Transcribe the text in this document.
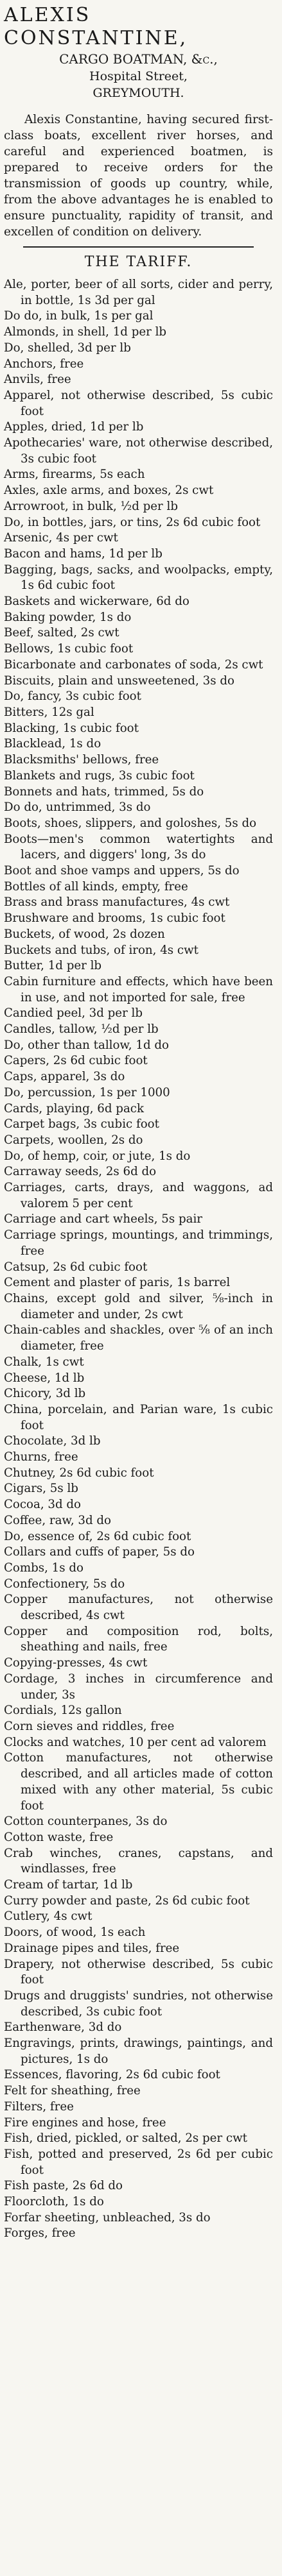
ALEXIS CONSTANTINE,

CARGO BOATMAN, &c.,

Hospital Street,

GREYMOUTH.

Alexis Constantine, having secured first-class boats, excellent river horses, and careful and experienced boatmen, is prepared to receive orders for the transmission of goods up country, while, from the above advantages he is enabled to ensure punctuality, rapidity of transit, and excellen of condition on delivery.

THE TARIFF.

Ale, porter, beer of all sorts, cider and perry, in bottle, 1s 3d per gal
Do do, in bulk, 1s per gal
Almonds, in shell, 1d per lb
Do, shelled, 3d per lb
Anchors, free
Anvils, free
Apparel, not otherwise described, 5s cubic foot
Apples, dried, 1d per lb
Apothecaries' ware, not otherwise described, 3s cubic foot
Arms, firearms, 5s each
Axles, axle arms, and boxes, 2s cwt
Arrowroot, in bulk, ½d per lb
Do, in bottles, jars, or tins, 2s 6d cubic foot
Arsenic, 4s per cwt
Bacon and hams, 1d per lb
Bagging, bags, sacks, and woolpacks, empty, 1s 6d cubic foot
Baskets and wickerware, 6d do
Baking powder, 1s do
Beef, salted, 2s cwt
Bellows, 1s cubic foot
Bicarbonate and carbonates of soda, 2s cwt
Biscuits, plain and unsweetened, 3s do
Do, fancy, 3s cubic foot
Bitters, 12s gal
Blacking, 1s cubic foot
Blacklead, 1s do
Blacksmiths' bellows, free
Blankets and rugs, 3s cubic foot
Bonnets and hats, trimmed, 5s do
Do do, untrimmed, 3s do
Boots, shoes, slippers, and goloshes, 5s do
Boots—men's common watertights and lacers, and diggers' long, 3s do
Boot and shoe vamps and uppers, 5s do
Bottles of all kinds, empty, free
Brass and brass manufactures, 4s cwt
Brushware and brooms, 1s cubic foot
Buckets, of wood, 2s dozen
Buckets and tubs, of iron, 4s cwt
Butter, 1d per lb
Cabin furniture and effects, which have been in use, and not imported for sale, free
Candied peel, 3d per lb
Candles, tallow, ½d per lb
Do, other than tallow, 1d do
Capers, 2s 6d cubic foot
Caps, apparel, 3s do
Do, percussion, 1s per 1000
Cards, playing, 6d pack
Carpet bags, 3s cubic foot
Carpets, woollen, 2s do
Do, of hemp, coir, or jute, 1s do
Carraway seeds, 2s 6d do
Carriages, carts, drays, and waggons, ad valorem 5 per cent
Carriage and cart wheels, 5s pair
Carriage springs, mountings, and trimmings, free
Catsup, 2s 6d cubic foot
Cement and plaster of paris, 1s barrel
Chains, except gold and silver, ⅝-inch in diameter and under, 2s cwt
Chain-cables and shackles, over ⅝ of an inch diameter, free
Chalk, 1s cwt
Cheese, 1d lb
Chicory, 3d lb
China, porcelain, and Parian ware, 1s cubic foot
Chocolate, 3d lb
Churns, free
Chutney, 2s 6d cubic foot
Cigars, 5s lb
Cocoa, 3d do
Coffee, raw, 3d do
Do, essence of, 2s 6d cubic foot
Collars and cuffs of paper, 5s do
Combs, 1s do
Confectionery, 5s do
Copper manufactures, not otherwise described, 4s cwt
Copper and composition rod, bolts, sheathing and nails, free
Copying-presses, 4s cwt
Cordage, 3 inches in circumference and under, 3s
Cordials, 12s gallon
Corn sieves and riddles, free
Clocks and watches, 10 per cent ad valorem
Cotton manufactures, not otherwise described, and all articles made of cotton mixed with any other material, 5s cubic foot
Cotton counterpanes, 3s do
Cotton waste, free
Crab winches, cranes, capstans, and windlasses, free
Cream of tartar, 1d lb
Curry powder and paste, 2s 6d cubic foot
Cutlery, 4s cwt
Doors, of wood, 1s each
Drainage pipes and tiles, free
Drapery, not otherwise described, 5s cubic foot
Drugs and druggists' sundries, not otherwise described, 3s cubic foot
Earthenware, 3d do
Engravings, prints, drawings, paintings, and pictures, 1s do
Essences, flavoring, 2s 6d cubic foot
Felt for sheathing, free
Filters, free
Fire engines and hose, free
Fish, dried, pickled, or salted, 2s per cwt
Fish, potted and preserved, 2s 6d per cubic foot
Fish paste, 2s 6d do
Floorcloth, 1s do
Forfar sheeting, unbleached, 3s do
Forges, free
